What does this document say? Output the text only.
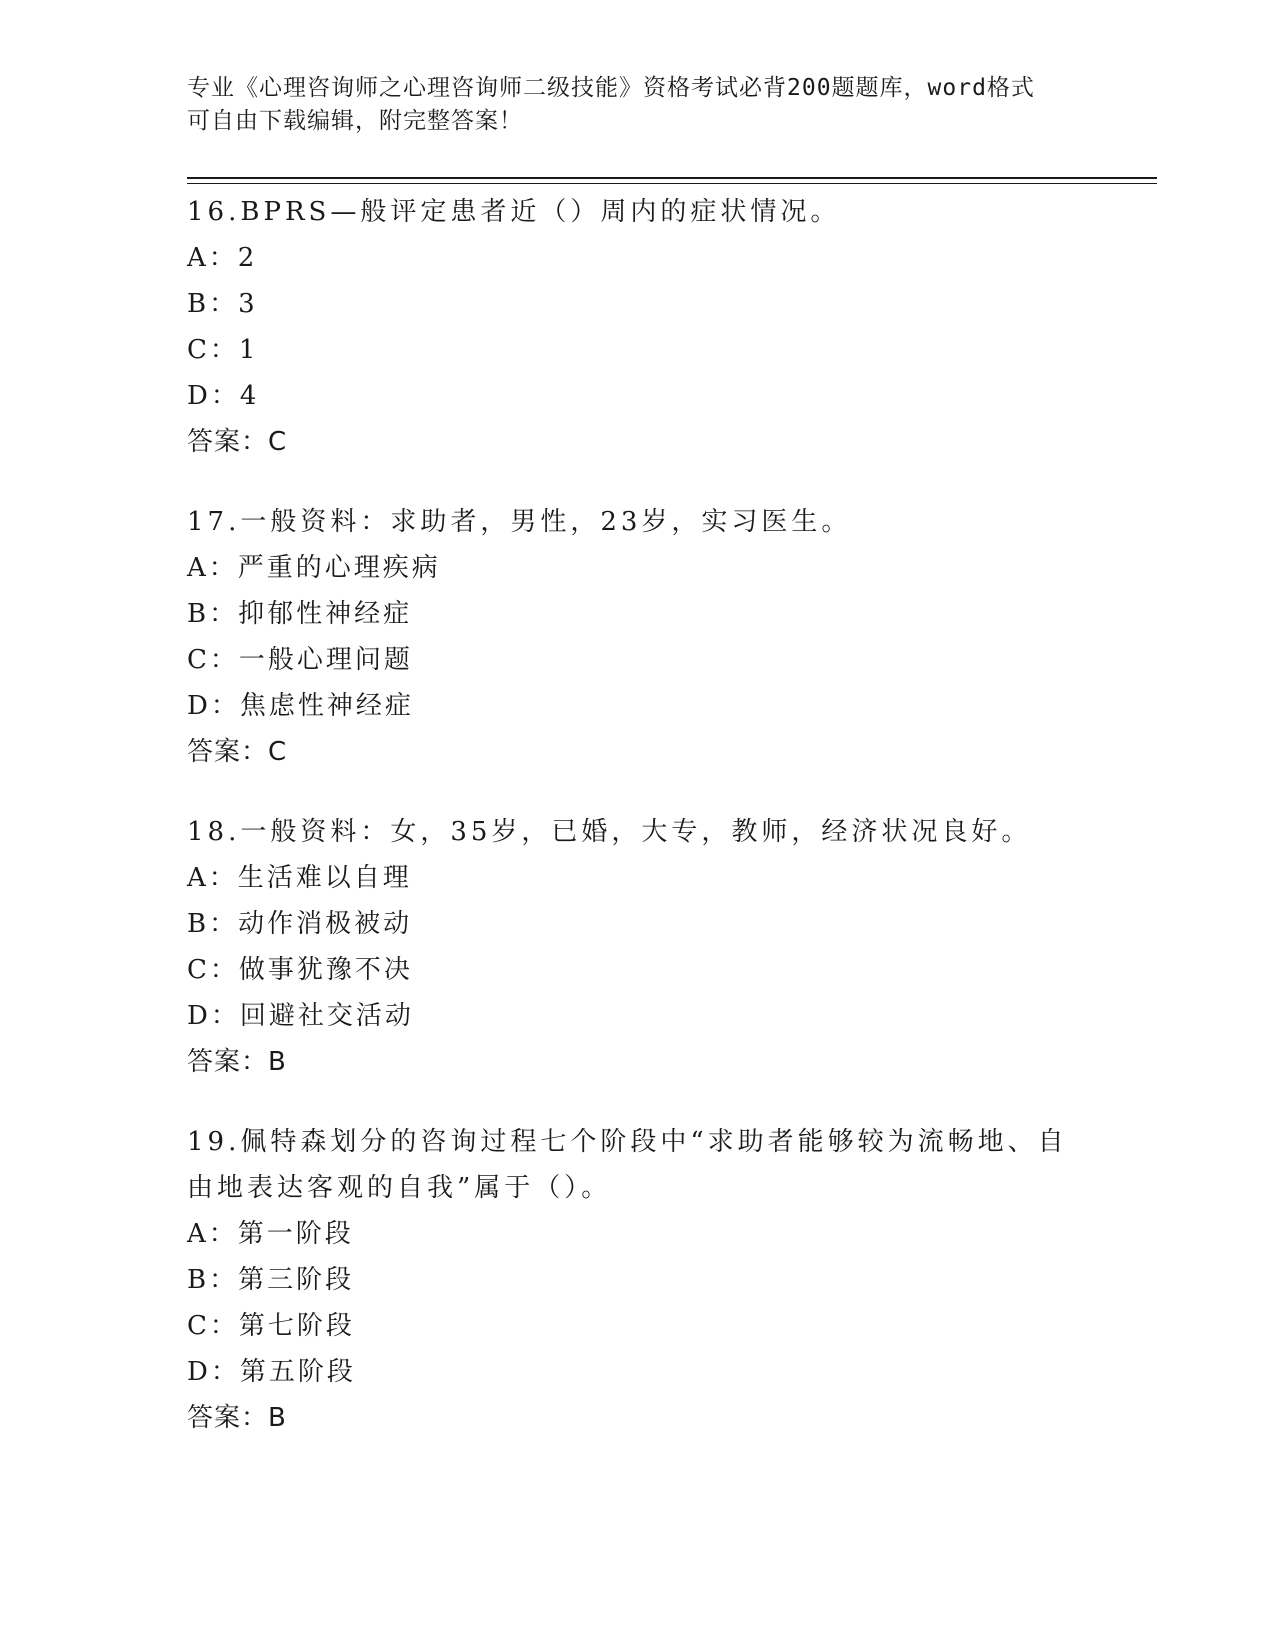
专业《心理咨询师之心理咨询师二级技能》资格考试必背200题题库，word格式
可自由下载编辑，附完整答案！
16.BPRS—般评定患者近（）周内的症状情况。
A：2
B：3
C：1
D：4
答案：C
17.一般资料：求助者，男性，23岁，实习医生。
A：严重的心理疾病
B：抑郁性神经症
C：一般心理问题
D：焦虑性神经症
答案：C
18.一般资料：女，35岁，已婚，大专，教师，经济状况良好。
A：生活难以自理
B：动作消极被动
C：做事犹豫不决
D：回避社交活动
答案：B
19.佩特森划分的咨询过程七个阶段中“求助者能够较为流畅地、自由地表达客观的自我”属于（）。
A：第一阶段
B：第三阶段
C：第七阶段
D：第五阶段
答案：B
